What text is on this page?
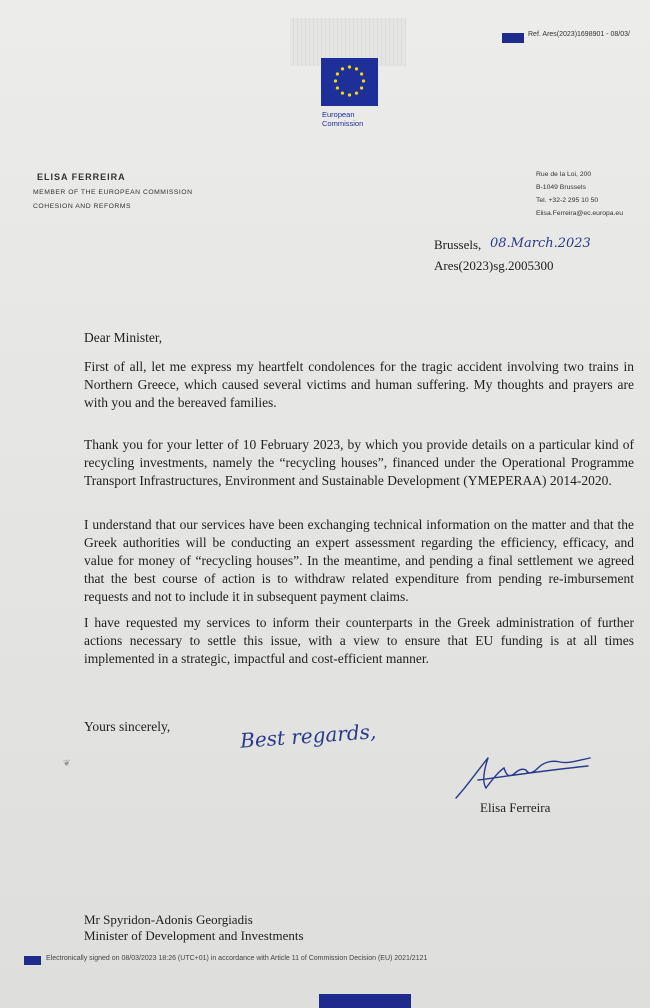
Ref. Ares(2023)1698901 - 08/03/
European
Commission
ELISA FERREIRA
MEMBER OF THE EUROPEAN COMMISSION
COHESION AND REFORMS
Rue de la Loi, 200
B-1049 Brussels
Tel. +32-2 295 10 50
Elisa.Ferreira@ec.europa.eu
Brussels, 08.March.2023
Ares(2023)sg.2005300
Dear Minister,

First of all, let me express my heartfelt condolences for the tragic accident involving two trains in Northern Greece, which caused several victims and human suffering. My thoughts and prayers are with you and the bereaved families.

Thank you for your letter of 10 February 2023, by which you provide details on a particular kind of recycling investments, namely the “recycling houses”, financed under the Operational Programme Transport Infrastructures, Environment and Sustainable Development (YMEPERAA) 2014-2020.

I understand that our services have been exchanging technical information on the matter and that the Greek authorities will be conducting an expert assessment regarding the efficiency, efficacy, and value for money of “recycling houses”. In the meantime, and pending a final settlement we agreed that the best course of action is to withdraw related expenditure from pending re-imbursement requests and not to include it in subsequent payment claims.

I have requested my services to inform their counterparts in the Greek administration of further actions necessary to settle this issue, with a view to ensure that EU funding is at all times implemented in a strategic, impactful and cost-efficient manner.

Yours sincerely,	Best regards,
❦
Elisa Ferreira
Mr Spyridon-Adonis Georgiadis
Minister of Development and Investments
Electronically signed on 08/03/2023 18:26 (UTC+01) in accordance with Article 11 of Commission Decision (EU) 2021/2121
